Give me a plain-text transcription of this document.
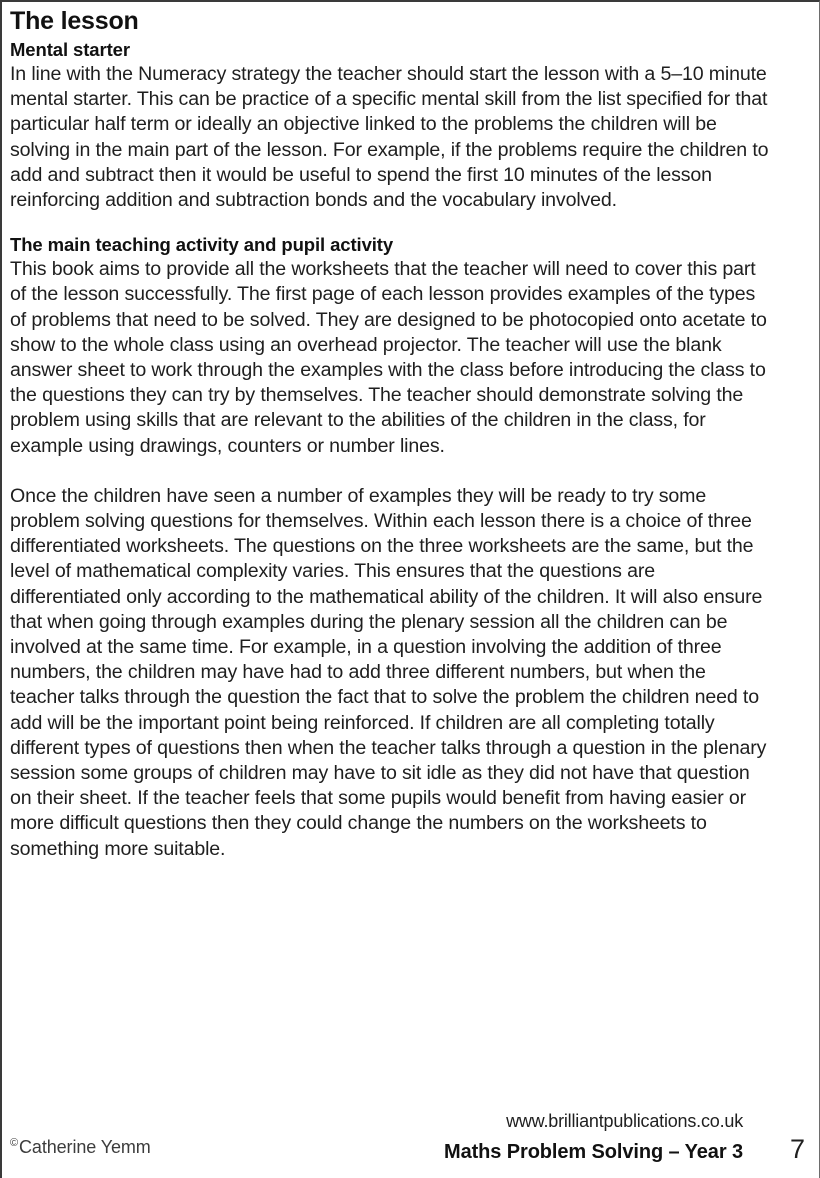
The lesson
Mental starter

In line with the Numeracy strategy the teacher should start the lesson with a 5–10 minute mental starter. This can be practice of a specific mental skill from the list specified for that particular half term or ideally an objective linked to the problems the children will be solving in the main part of the lesson. For example, if the problems require the children to add and subtract then it would be useful to spend the first 10 minutes of the lesson reinforcing addition and subtraction bonds and the vocabulary involved.

The main teaching activity and pupil activity

This book aims to provide all the worksheets that the teacher will need to cover this part of the lesson successfully. The first page of each lesson provides examples of the types of problems that need to be solved. They are designed to be photocopied onto acetate to show to the whole class using an overhead projector. The teacher will use the blank answer sheet to work through the examples with the class before introducing the class to the questions they can try by themselves. The teacher should demonstrate solving the problem using skills that are relevant to the abilities of the children in the class, for example using drawings, counters or number lines.

Once the children have seen a number of examples they will be ready to try some problem solving questions for themselves. Within each lesson there is a choice of three differentiated worksheets. The questions on the three worksheets are the same, but the level of mathematical complexity varies. This ensures that the questions are differentiated only according to the mathematical ability of the children. It will also ensure that when going through examples during the plenary session all the children can be involved at the same time. For example, in a question involving the addition of three numbers, the children may have had to add three different numbers, but when the teacher talks through the question the fact that to solve the problem the children need to add will be the important point being reinforced. If children are all completing totally different types of questions then when the teacher talks through a question in the plenary session some groups of children may have to sit idle as they did not have that question on their sheet. If the teacher feels that some pupils would benefit from having easier or more difficult questions then they could change the numbers on the worksheets to something more suitable.

©Catherine Yemm
www.brilliantpublications.co.uk
Maths Problem Solving – Year 3 7
